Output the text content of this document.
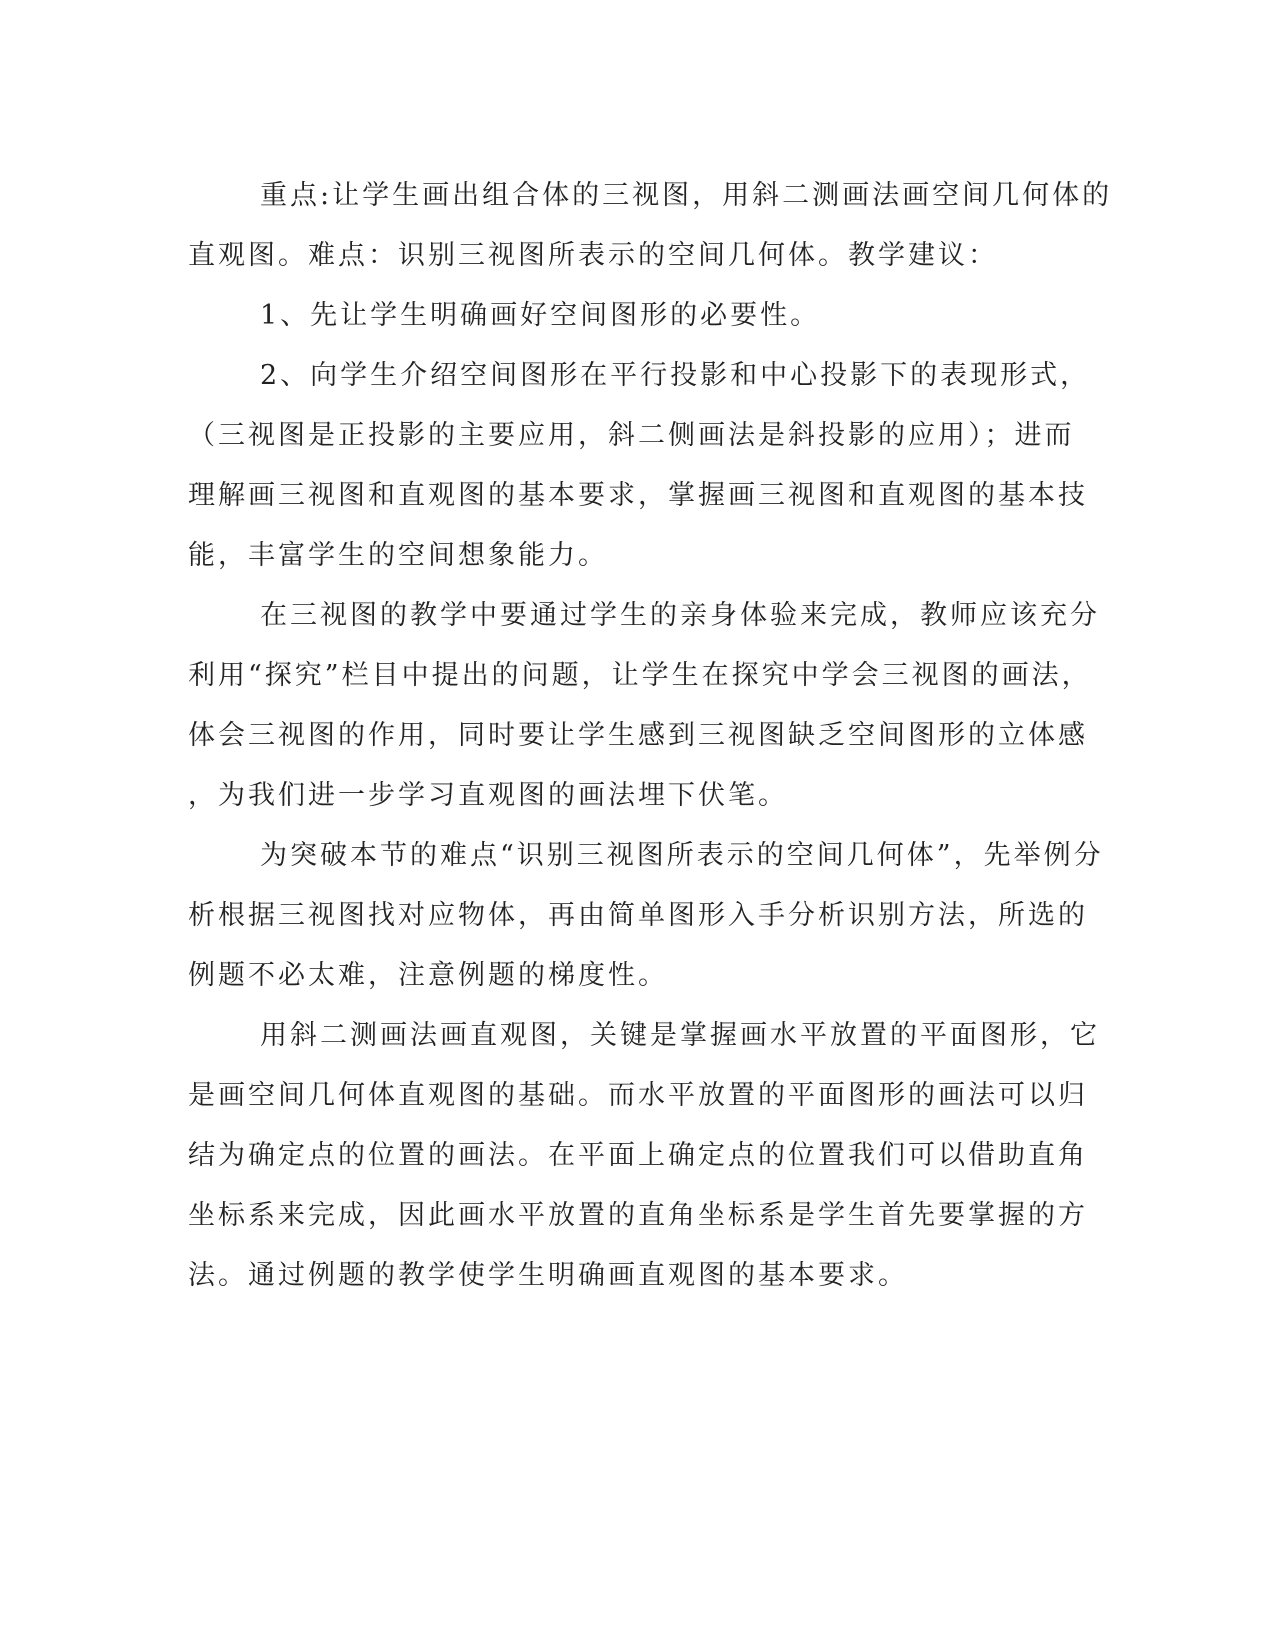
重点:让学生画出组合体的三视图，用斜二测画法画空间几何体的
直观图。难点：识别三视图所表示的空间几何体。教学建议：
1、先让学生明确画好空间图形的必要性。
2、向学生介绍空间图形在平行投影和中心投影下的表现形式，
（三视图是正投影的主要应用，斜二侧画法是斜投影的应用）；进而
理解画三视图和直观图的基本要求，掌握画三视图和直观图的基本技
能，丰富学生的空间想象能力。
在三视图的教学中要通过学生的亲身体验来完成，教师应该充分
利用“探究”栏目中提出的问题，让学生在探究中学会三视图的画法，
体会三视图的作用，同时要让学生感到三视图缺乏空间图形的立体感
，为我们进一步学习直观图的画法埋下伏笔。
为突破本节的难点“识别三视图所表示的空间几何体”，先举例分
析根据三视图找对应物体，再由简单图形入手分析识别方法，所选的
例题不必太难，注意例题的梯度性。
用斜二测画法画直观图，关键是掌握画水平放置的平面图形，它
是画空间几何体直观图的基础。而水平放置的平面图形的画法可以归
结为确定点的位置的画法。在平面上确定点的位置我们可以借助直角
坐标系来完成，因此画水平放置的直角坐标系是学生首先要掌握的方
法。通过例题的教学使学生明确画直观图的基本要求。
